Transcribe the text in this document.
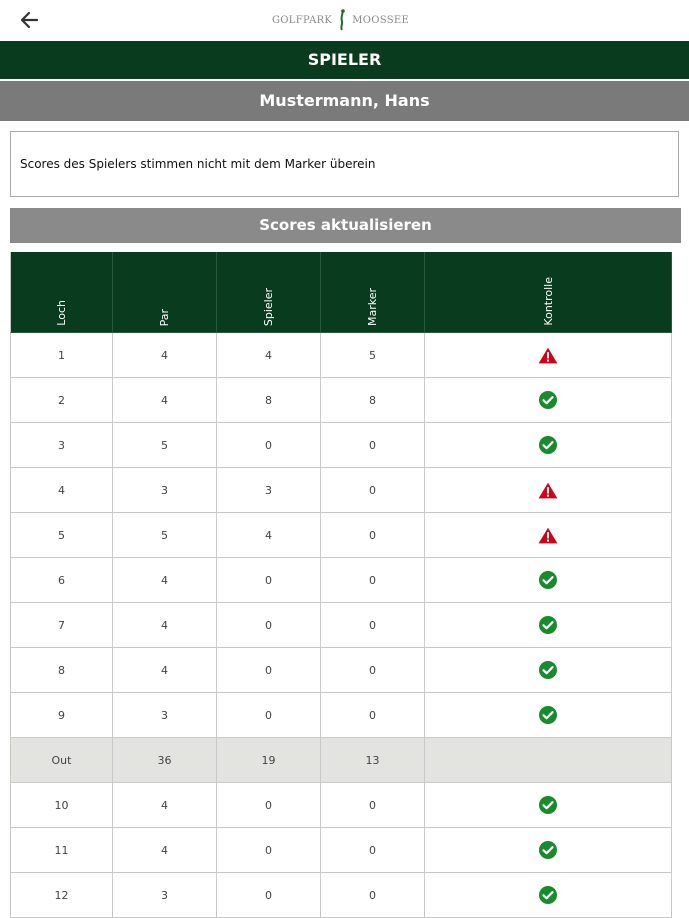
GOLFPARK MOOSSEE
SPIELER
Mustermann, Hans
Scores des Spielers stimmen nicht mit dem Marker überein
Scores aktualisieren
Loch	Par	Spieler	Marker	Kontrolle
1	4	4	5
2	4	8	8
3	5	0	0
4	3	3	0
5	5	4	0
6	4	0	0
7	4	0	0
8	4	0	0
9	3	0	0
Out	36	19	13
10	4	0	0
11	4	0	0
12	3	0	0
